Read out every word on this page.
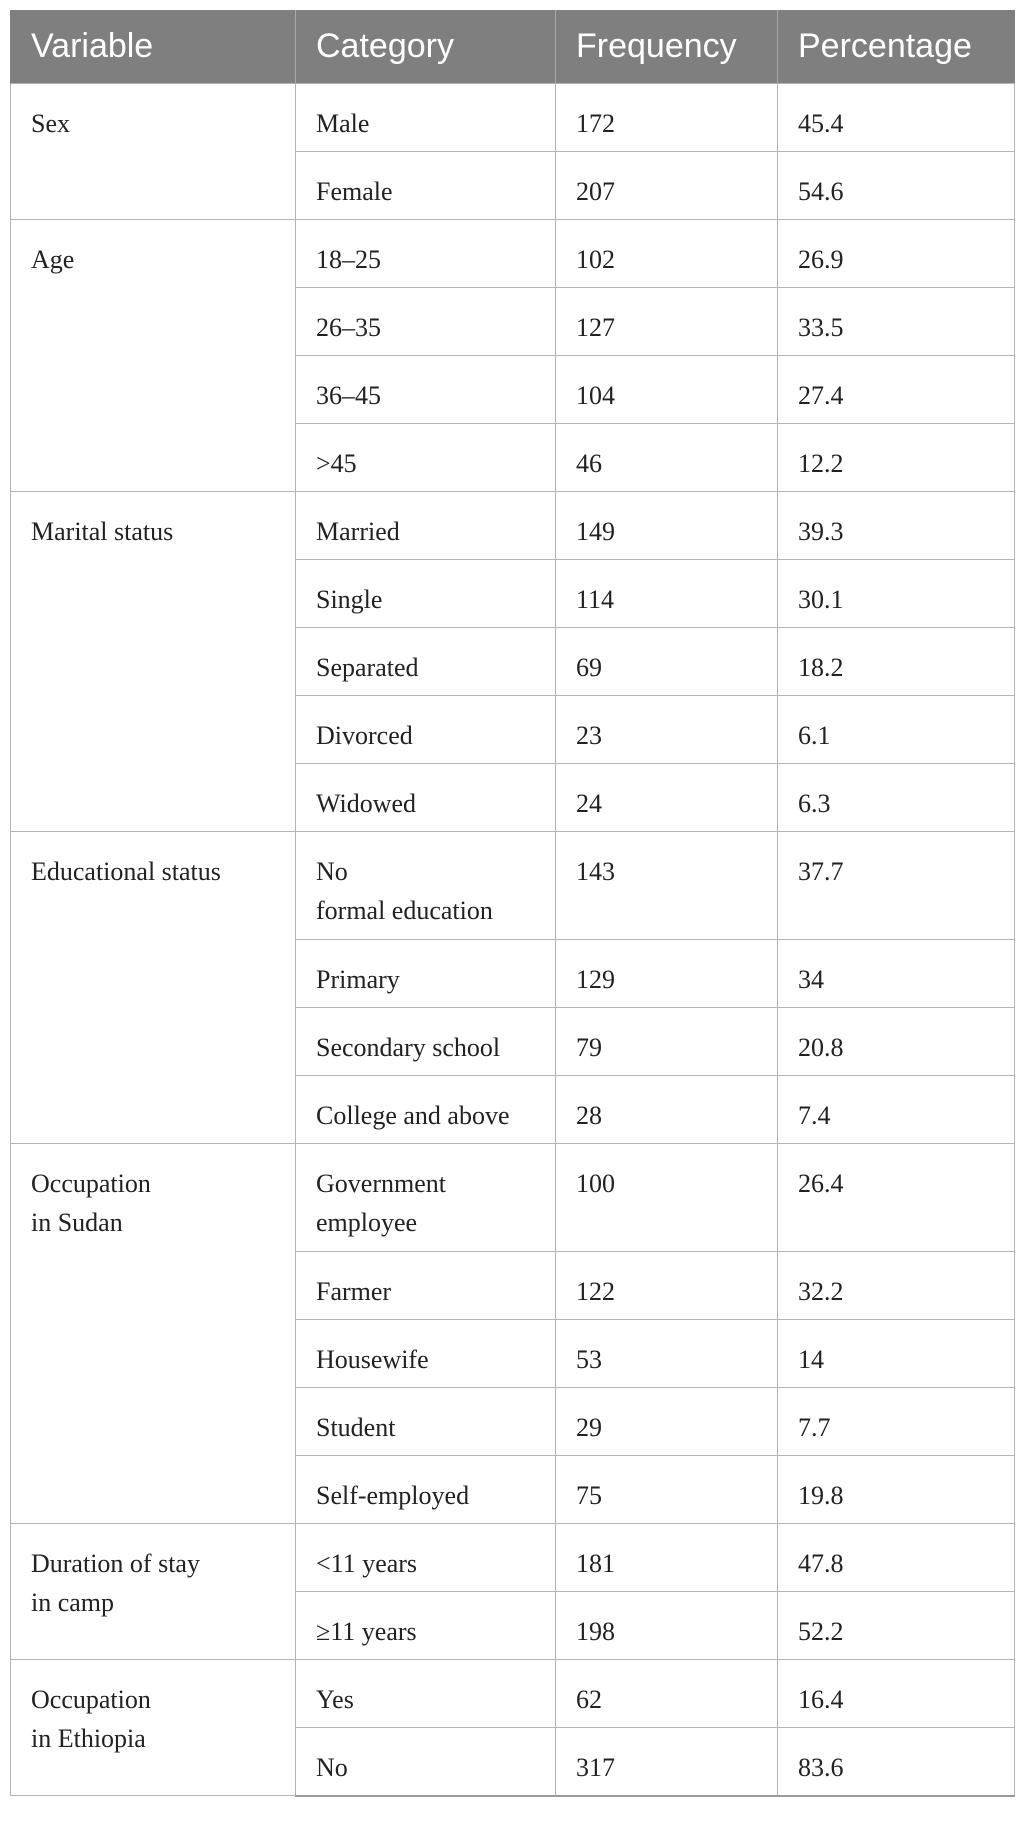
Variable	Category	Frequency	Percentage

Sex	Male	172	45.4

	Female	207	54.6

Age	18–25	102	26.9

	26–35	127	33.5

	36–45	104	27.4

	>45	46	12.2

Marital status	Married	149	39.3

	Single	114	30.1

	Separated	69	18.2

	Divorced	23	6.1

	Widowed	24	6.3

Educational status	No
formal education	143	37.7

	Primary	129	34

	Secondary school	79	20.8

	College and above	28	7.4

Occupation
in Sudan	Government
employee	100	26.4

	Farmer	122	32.2

	Housewife	53	14

	Student	29	7.7

	Self-employed	75	19.8

Duration of stay
in camp	<11 years	181	47.8

	≥11 years	198	52.2

Occupation
in Ethiopia	Yes	62	16.4

	No	317	83.6
